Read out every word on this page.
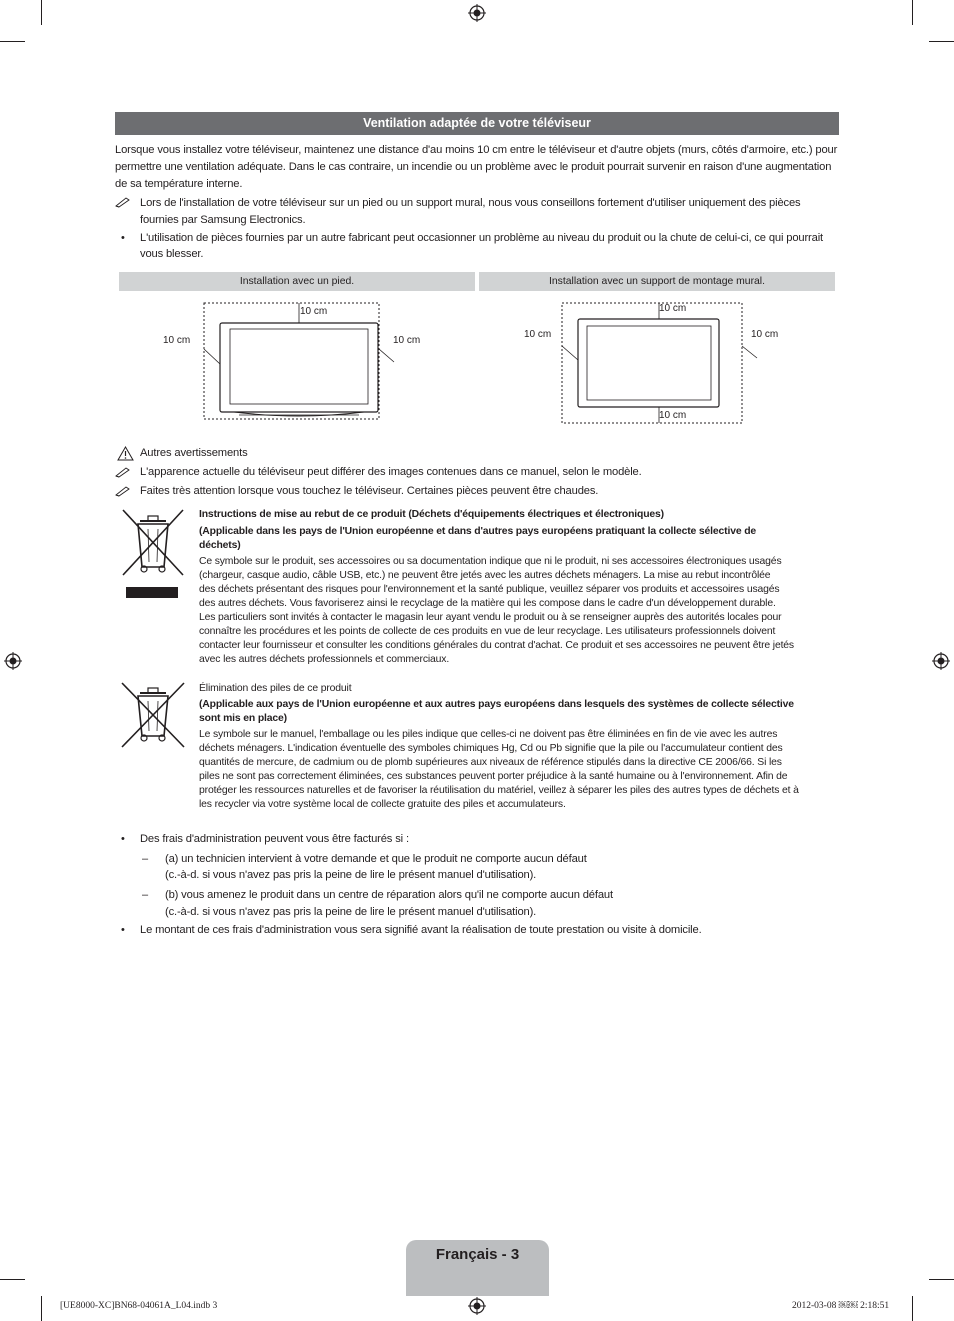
Ventilation adaptée de votre téléviseur
Lorsque vous installez votre téléviseur, maintenez une distance d'au moins 10 cm entre le téléviseur et d'autre objets (murs, côtés d'armoire, etc.) pour
permettre une ventilation adéquate. Dans le cas contraire, un incendie ou un problème avec le produit pourrait survenir en raison d'une augmentation
de sa température interne.
Lors de l'installation de votre téléviseur sur un pied ou un support mural, nous vous conseillons fortement d'utiliser uniquement des pièces
fournies par Samsung Electronics.
• L'utilisation de pièces fournies par un autre fabricant peut occasionner un problème au niveau du produit ou la chute de celui-ci, ce qui pourrait
vous blesser.
Installation avec un pied.	Installation avec un support de montage mural.
10 cm
10 cm	10 cm
10 cm
10 cm	10 cm
10 cm
Autres avertissements
L'apparence actuelle du téléviseur peut différer des images contenues dans ce manuel, selon le modèle.
Faites très attention lorsque vous touchez le téléviseur. Certaines pièces peuvent être chaudes.
Instructions de mise au rebut de ce produit (Déchets d'équipements électriques et électroniques)
(Applicable dans les pays de l'Union européenne et dans d'autres pays européens pratiquant la collecte sélective de
déchets)
Ce symbole sur le produit, ses accessoires ou sa documentation indique que ni le produit, ni ses accessoires électroniques usagés
(chargeur, casque audio, câble USB, etc.) ne peuvent être jetés avec les autres déchets ménagers. La mise au rebut incontrôlée
des déchets présentant des risques pour l'environnement et la santé publique, veuillez séparer vos produits et accessoires usagés
des autres déchets. Vous favoriserez ainsi le recyclage de la matière qui les compose dans le cadre d'un développement durable.
Les particuliers sont invités à contacter le magasin leur ayant vendu le produit ou à se renseigner auprès des autorités locales pour
connaître les procédures et les points de collecte de ces produits en vue de leur recyclage. Les utilisateurs professionnels doivent
contacter leur fournisseur et consulter les conditions générales du contrat d'achat. Ce produit et ses accessoires ne peuvent être jetés
avec les autres déchets professionnels et commerciaux.
Élimination des piles de ce produit
(Applicable aux pays de l'Union européenne et aux autres pays européens dans lesquels des systèmes de collecte sélective
sont mis en place)
Le symbole sur le manuel, l'emballage ou les piles indique que celles-ci ne doivent pas être éliminées en fin de vie avec les autres
déchets ménagers. L'indication éventuelle des symboles chimiques Hg, Cd ou Pb signifie que la pile ou l'accumulateur contient des
quantités de mercure, de cadmium ou de plomb supérieures aux niveaux de référence stipulés dans la directive CE 2006/66. Si les
piles ne sont pas correctement éliminées, ces substances peuvent porter préjudice à la santé humaine ou à l'environnement. Afin de
protéger les ressources naturelles et de favoriser la réutilisation du matériel, veillez à séparer les piles des autres types de déchets et à
les recycler via votre système local de collecte gratuite des piles et accumulateurs.
• Des frais d'administration peuvent vous être facturés si :
– (a) un technicien intervient à votre demande et que le produit ne comporte aucun défaut
(c.-à-d. si vous n'avez pas pris la peine de lire le présent manuel d'utilisation).
– (b) vous amenez le produit dans un centre de réparation alors qu'il ne comporte aucun défaut
(c.-à-d. si vous n'avez pas pris la peine de lire le présent manuel d'utilisation).
• Le montant de ces frais d'administration vous sera signifié avant la réalisation de toute prestation ou visite à domicile.
Français - 3
[UE8000-XC]BN68-04061A_L04.indb 3	2012-03-08 ￼￼ 2:18:51
